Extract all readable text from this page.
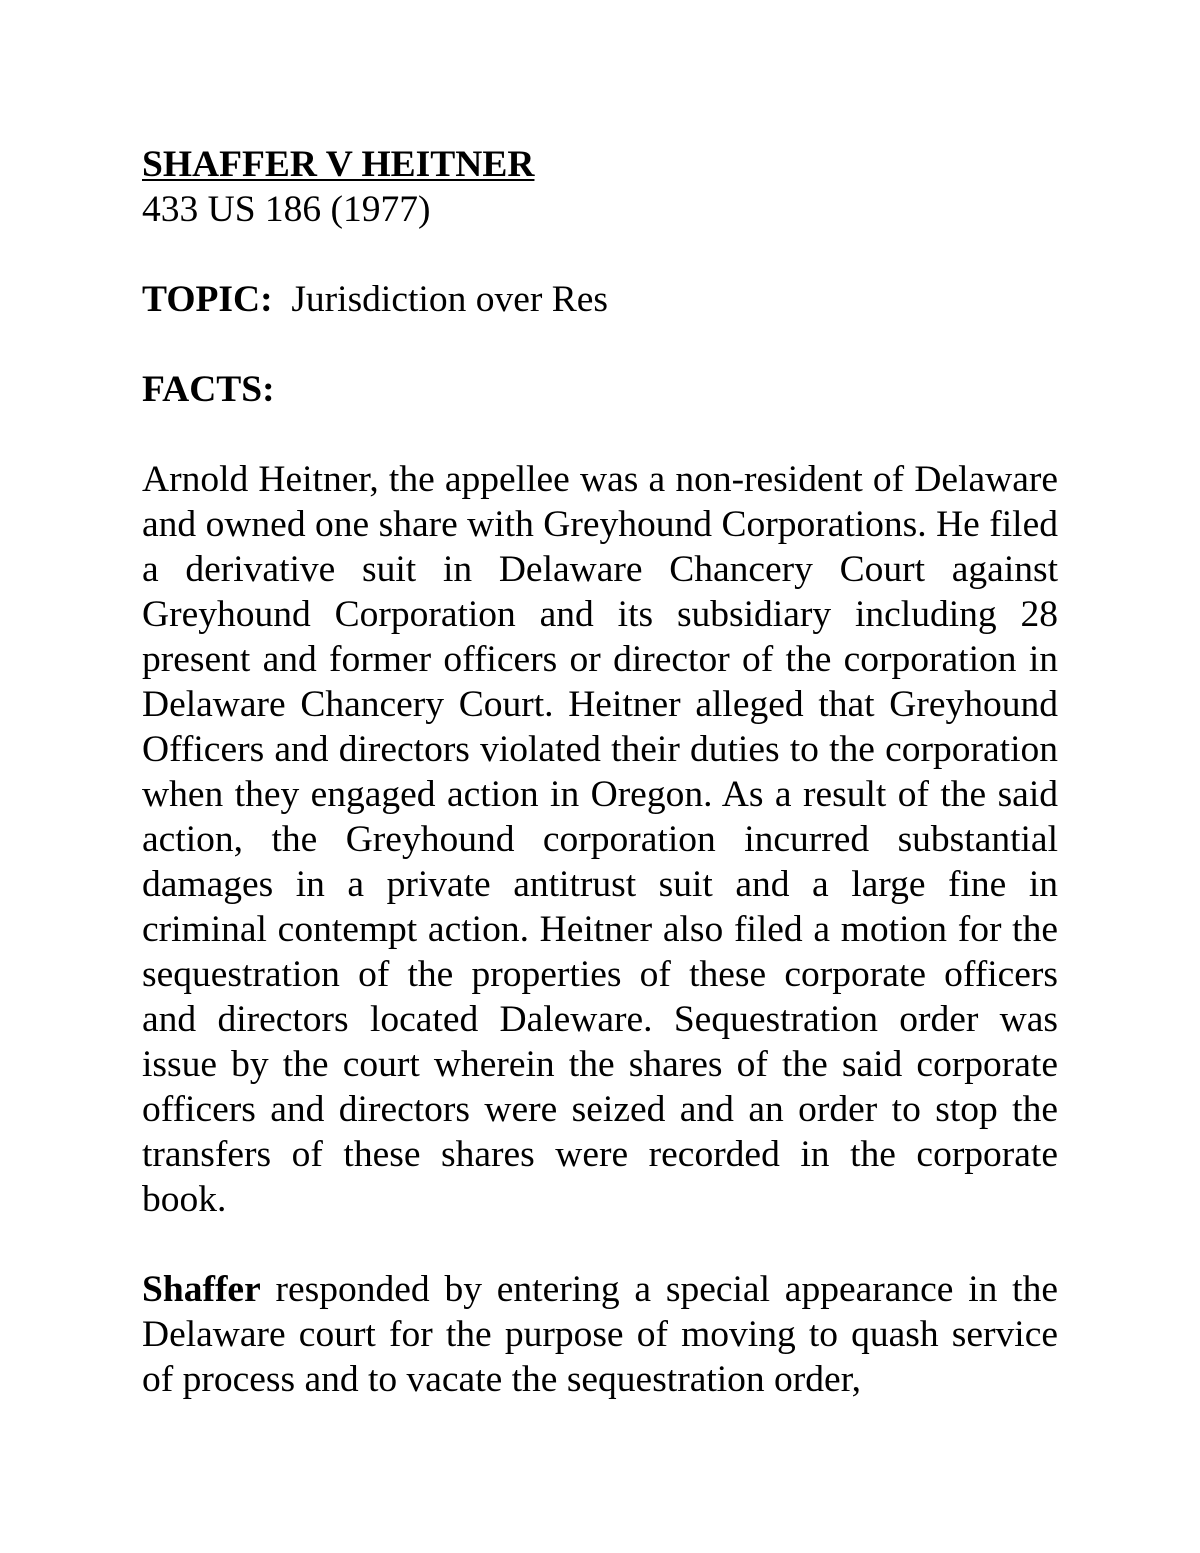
SHAFFER V HEITNER

433 US 186 (1977)

TOPIC: Jurisdiction over Res

FACTS:

Arnold Heitner, the appellee was a non-resident of Delaware and owned one share with Greyhound Corporations. He filed a derivative suit in Delaware Chancery Court against Greyhound Corporation and its subsidiary including 28 present and former officers or director of the corporation in Delaware Chancery Court. Heitner alleged that Greyhound Officers and directors violated their duties to the corporation when they engaged action in Oregon. As a result of the said action, the Greyhound corporation incurred substantial damages in a private antitrust suit and a large fine in criminal contempt action. Heitner also filed a motion for the sequestration of the properties of these corporate officers and directors located Daleware. Sequestration order was issue by the court wherein the shares of the said corporate officers and directors were seized and an order to stop the transfers of these shares were recorded in the corporate book.

Shaffer responded by entering a special appearance in the Delaware court for the purpose of moving to quash service of process and to vacate the sequestration order,
